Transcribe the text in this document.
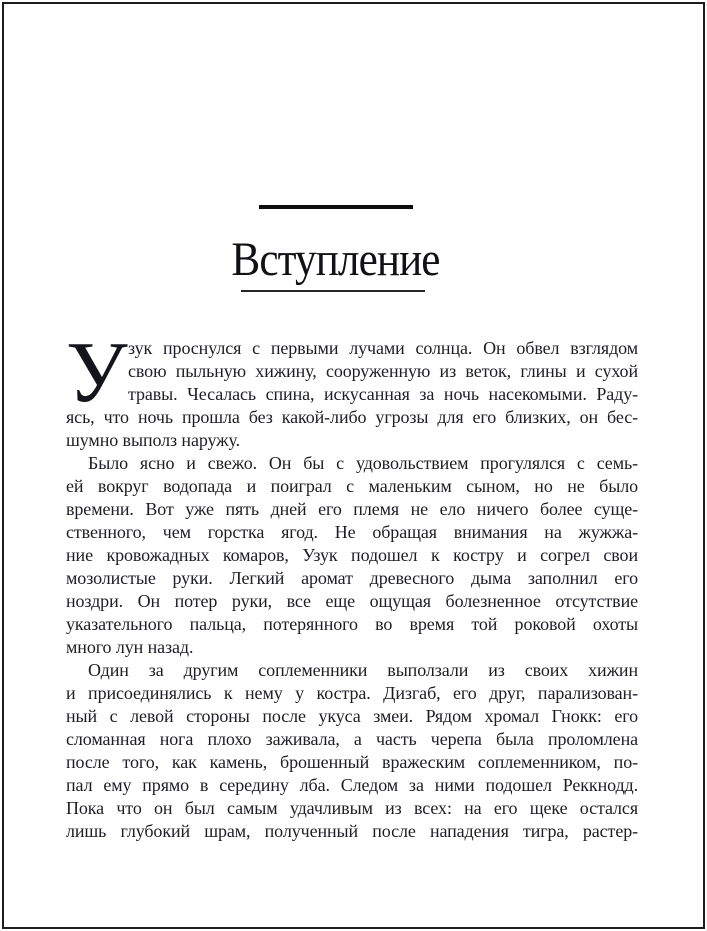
Вступление
У зук проснулся с первыми лучами солнца. Он обвел взглядом
свою пыльную хижину, сооруженную из веток, глины и сухой
травы. Чесалась спина, искусанная за ночь насекомыми. Раду-
ясь, что ночь прошла без какой-либо угрозы для его близких, он бес-
шумно выполз наружу.
Было ясно и свежо. Он бы с удовольствием прогулялся с семь-
ей вокруг водопада и поиграл с маленьким сыном, но не было
времени. Вот уже пять дней его племя не ело ничего более суще-
ственного, чем горстка ягод. Не обращая внимания на жужжа-
ние кровожадных комаров, Узук подошел к костру и согрел свои
мозолистые руки. Легкий аромат древесного дыма заполнил его
ноздри. Он потер руки, все еще ощущая болезненное отсутствие
указательного пальца, потерянного во время той роковой охоты
много лун назад.
Один за другим соплеменники выползали из своих хижин
и присоединялись к нему у костра. Дизгаб, его друг, парализован-
ный с левой стороны после укуса змеи. Рядом хромал Гнокк: его
сломанная нога плохо заживала, а часть черепа была проломлена
после того, как камень, брошенный вражеским соплеменником, по-
пал ему прямо в середину лба. Следом за ними подошел Реккнодд.
Пока что он был самым удачливым из всех: на его щеке остался
лишь глубокий шрам, полученный после нападения тигра, растер-
